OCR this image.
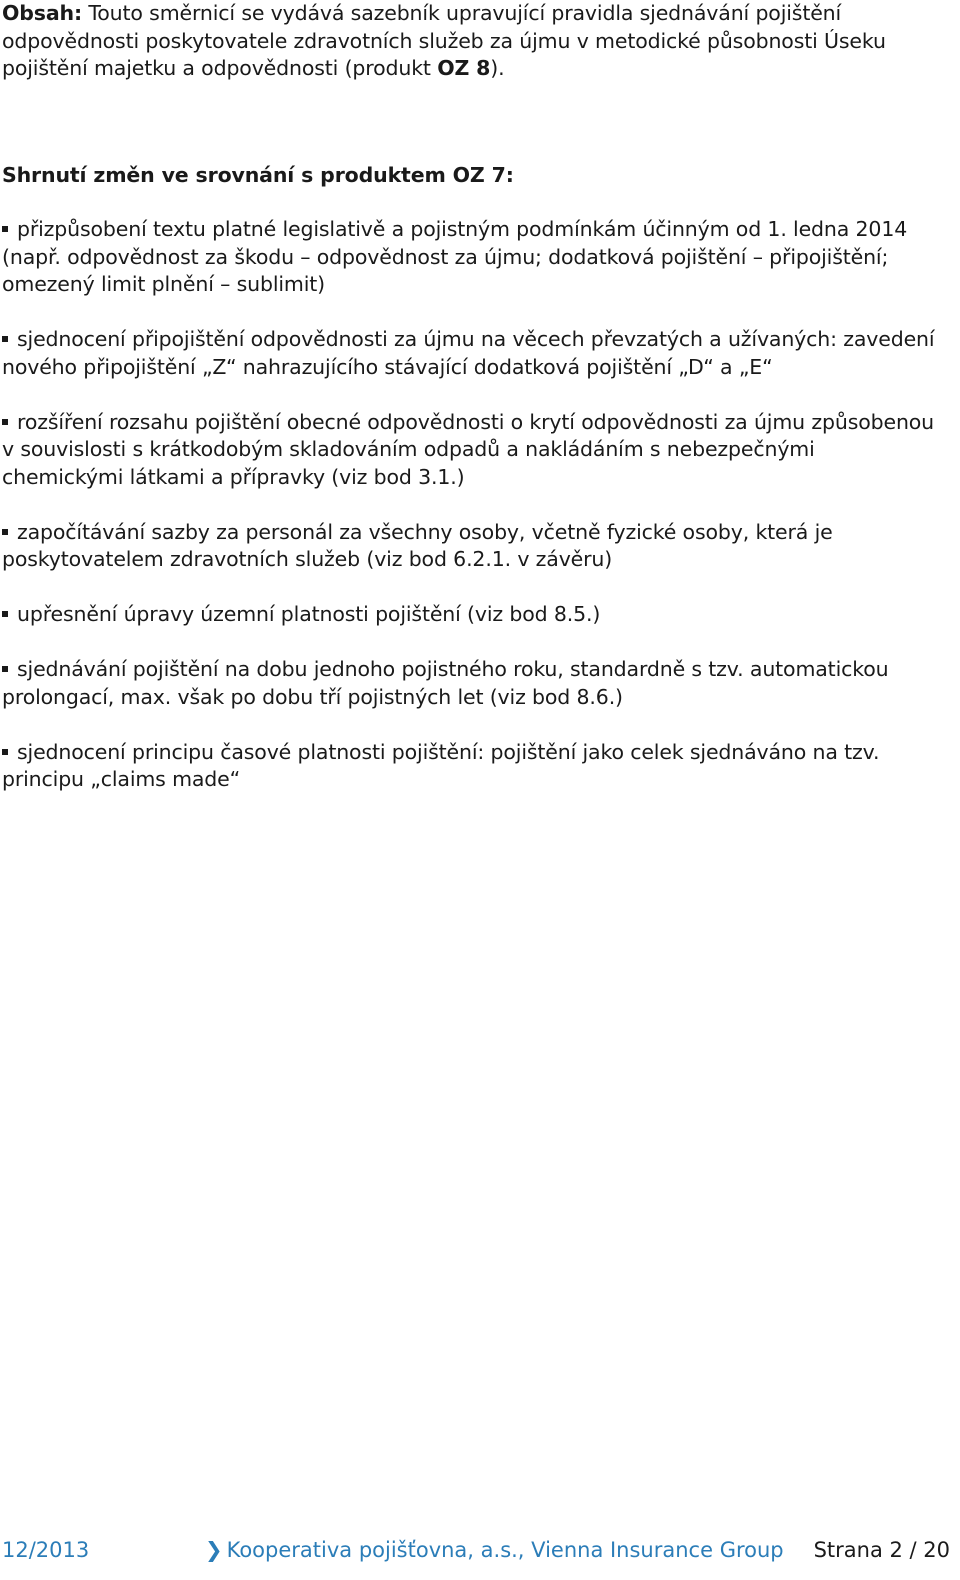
Obsah: Touto směrnicí se vydává sazebník upravující pravidla sjednávání pojištění odpovědnosti poskytovatele zdravotních služeb za újmu v metodické působnosti Úseku pojištění majetku a odpovědnosti (produkt OZ 8).

Shrnutí změn ve srovnání s produktem OZ 7:

přizpůsobení textu platné legislativě a pojistným podmínkám účinným od 1. ledna 2014 (např. odpovědnost za škodu – odpovědnost za újmu; dodatková pojištění – připojištění; omezený limit plnění – sublimit)
sjednocení připojištění odpovědnosti za újmu na věcech převzatých a užívaných: zavedení nového připojištění „Z“ nahrazujícího stávající dodatková pojištění „D“ a „E“
rozšíření rozsahu pojištění obecné odpovědnosti o krytí odpovědnosti za újmu způsobenou v souvislosti s krátkodobým skladováním odpadů a nakládáním s nebezpečnými chemickými látkami a přípravky (viz bod 3.1.)
započítávání sazby za personál za všechny osoby, včetně fyzické osoby, která je poskytovatelem zdravotních služeb (viz bod 6.2.1. v závěru)
upřesnění úpravy územní platnosti pojištění (viz bod 8.5.)
sjednávání pojištění na dobu jednoho pojistného roku, standardně s tzv. automatickou prolongací, max. však po dobu tří pojistných let (viz bod 8.6.)
sjednocení principu časové platnosti pojištění: pojištění jako celek sjednáváno na tzv. principu „claims made“
12/2013	❯ Kooperativa pojišťovna, a.s., Vienna Insurance Group Strana 2 / 20
